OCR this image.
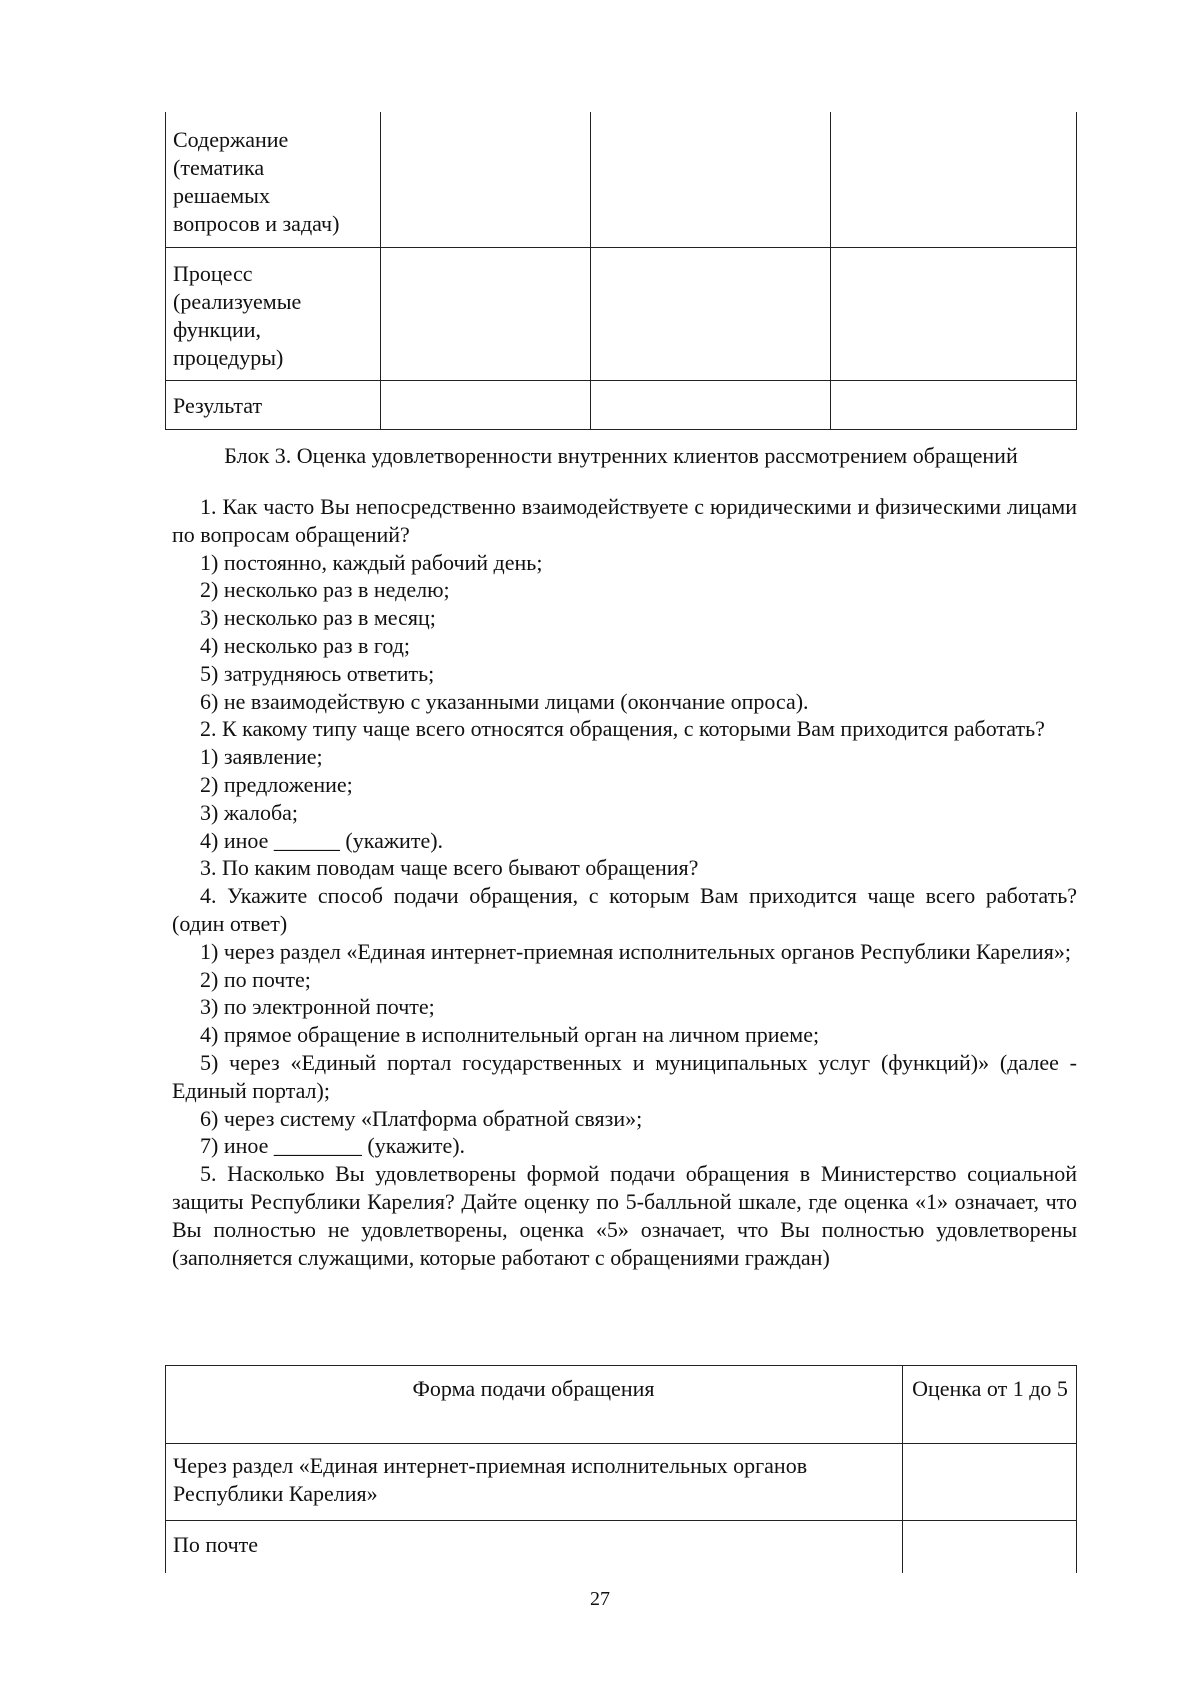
Содержание
(тематика
решаемых
вопросов и задач)
Процесс
(реализуемые
функции,
процедуры)
Результат
Блок 3. Оценка удовлетворенности внутренних клиентов рассмотрением обращений

1. Как часто Вы непосредственно взаимодействуете с юридическими и физическими лицами по вопросам обращений?

1) постоянно, каждый рабочий день;

2) несколько раз в неделю;

3) несколько раз в месяц;

4) несколько раз в год;

5) затрудняюсь ответить;

6) не взаимодействую с указанными лицами (окончание опроса).

2. К какому типу чаще всего относятся обращения, с которыми Вам приходится работать?

1) заявление;

2) предложение;

3) жалоба;

4) иное ______ (укажите).

3. По каким поводам чаще всего бывают обращения?

4. Укажите способ подачи обращения, с которым Вам приходится чаще всего работать? (один ответ)

1) через раздел «Единая интернет-приемная исполнительных органов Республики Карелия»;

2) по почте;

3) по электронной почте;

4) прямое обращение в исполнительный орган на личном приеме;

5) через «Единый портал государственных и муниципальных услуг (функций)» (далее - Единый портал);

6) через систему «Платформа обратной связи»;

7) иное ________ (укажите).

5. Насколько Вы удовлетворены формой подачи обращения в Министерство социальной защиты Республики Карелия? Дайте оценку по 5-балльной шкале, где оценка «1» означает, что Вы полностью не удовлетворены, оценка «5» означает, что Вы полностью удовлетворены (заполняется служащими, которые работают с обращениями граждан)

Форма подачи обращения	Оценка от 1 до 5
Через раздел «Единая интернет-приемная исполнительных органов Республики Карелия»
По почте
27
